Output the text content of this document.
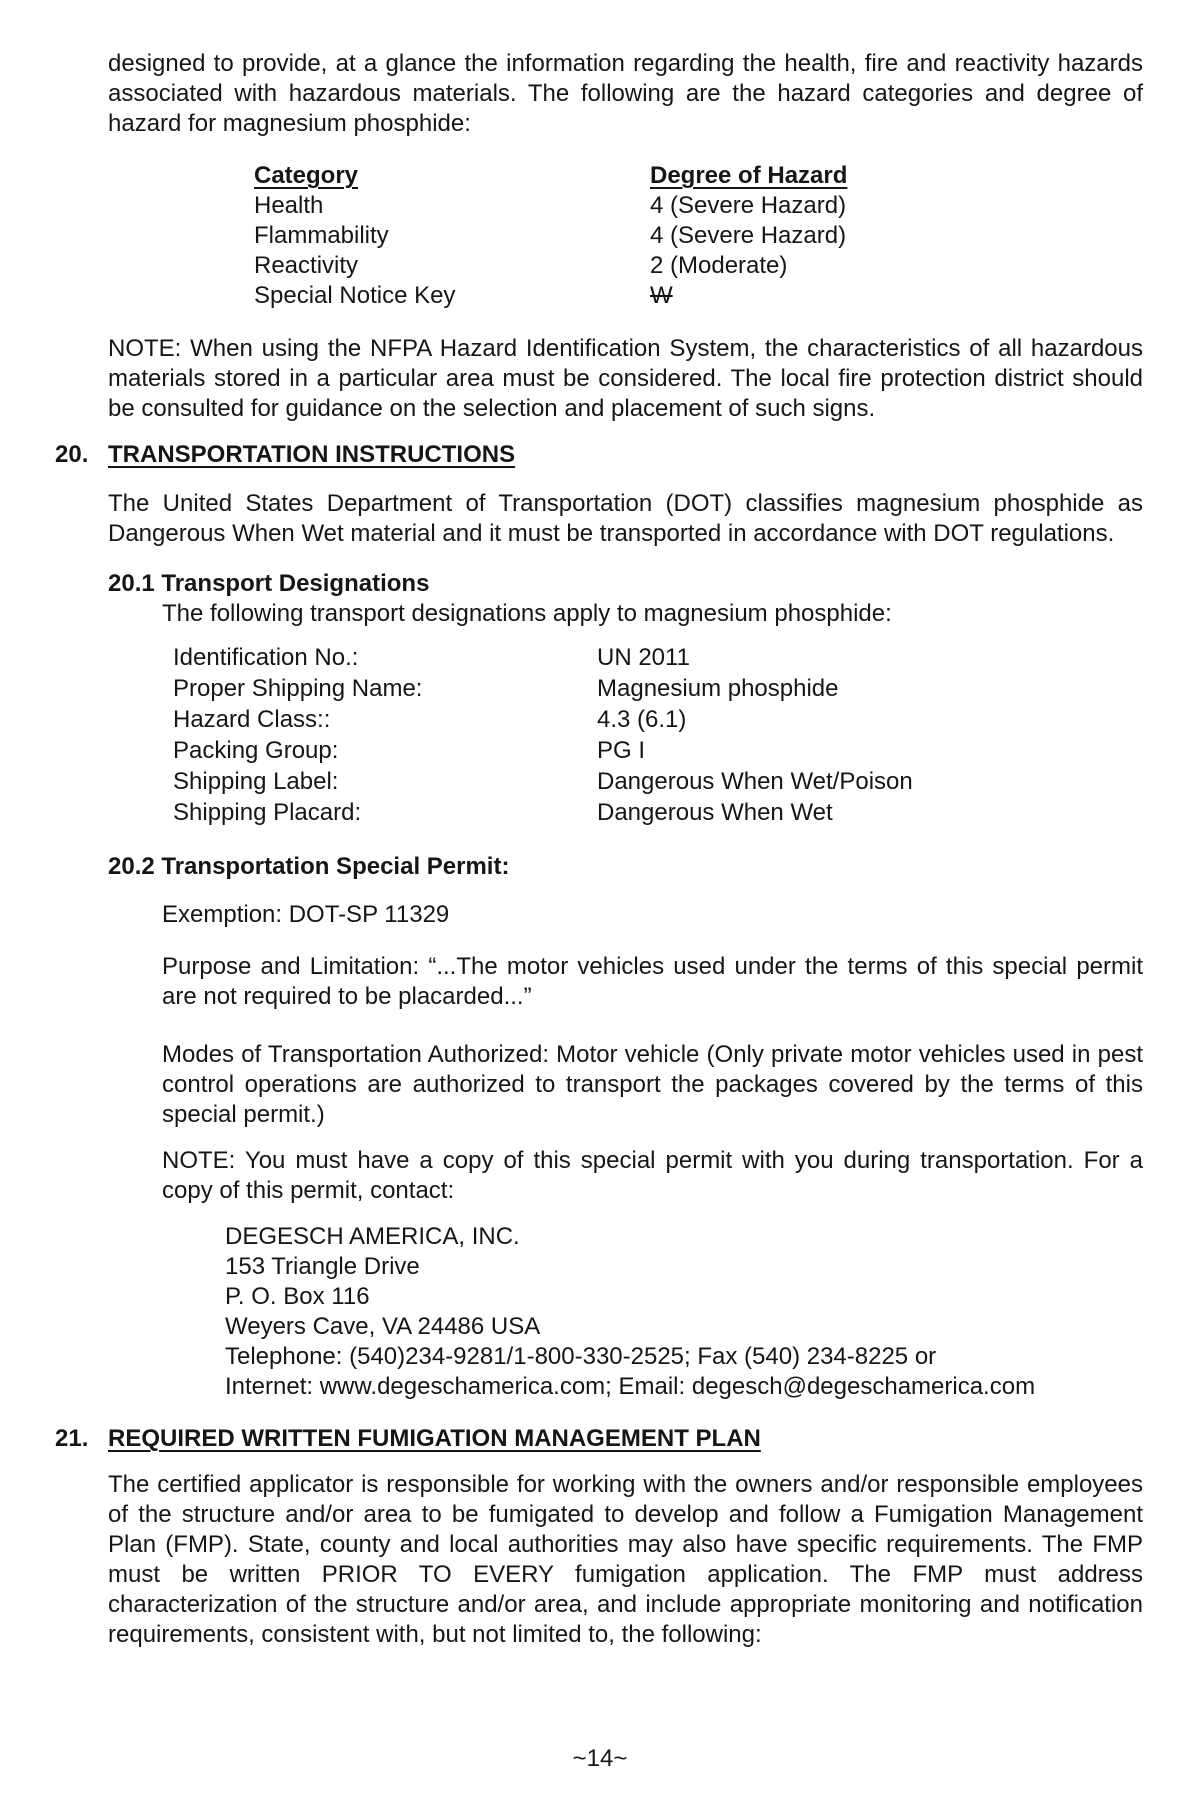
designed to provide, at a glance the information regarding the health, fire and reactivity hazards associated with hazardous materials. The following are the hazard categories and degree of hazard for magnesium phosphide:

Category	Degree of Hazard
Health	4 (Severe Hazard)
Flammability	4 (Severe Hazard)
Reactivity	2 (Moderate)
Special Notice Key	W

NOTE: When using the NFPA Hazard Identification System, the characteristics of all hazardous materials stored in a particular area must be considered. The local fire protection district should be consulted for guidance on the selection and placement of such signs.

20. TRANSPORTATION INSTRUCTIONS

The United States Department of Transportation (DOT) classifies magnesium phosphide as Dangerous When Wet material and it must be transported in accordance with DOT regulations.

20.1 Transport Designations
The following transport designations apply to magnesium phosphide:
Identification No.:	UN 2011
Proper Shipping Name:	Magnesium phosphide
Hazard Class::	4.3 (6.1)
Packing Group:	PG I
Shipping Label:	Dangerous When Wet/Poison
Shipping Placard:	Dangerous When Wet
20.2 Transportation Special Permit:
Exemption: DOT-SP 11329

Purpose and Limitation: “...The motor vehicles used under the terms of this special permit are not required to be placarded...”

Modes of Transportation Authorized: Motor vehicle (Only private motor vehicles used in pest control operations are authorized to transport the packages covered by the terms of this special permit.)

NOTE: You must have a copy of this special permit with you during transportation. For a copy of this permit, contact:

DEGESCH AMERICA, INC.
153 Triangle Drive
P. O. Box 116
Weyers Cave, VA 24486 USA
Telephone: (540)234-9281/1-800-330-2525; Fax (540) 234-8225 or
Internet: www.degeschamerica.com; Email: degesch@degeschamerica.com
21. REQUIRED WRITTEN FUMIGATION MANAGEMENT PLAN

The certified applicator is responsible for working with the owners and/or responsible employees of the structure and/or area to be fumigated to develop and follow a Fumigation Management Plan (FMP). State, county and local authorities may also have specific requirements. The FMP must be written PRIOR TO EVERY fumigation application. The FMP must address characterization of the structure and/or area, and include appropriate monitoring and notification requirements, consistent with, but not limited to, the following:

~14~
